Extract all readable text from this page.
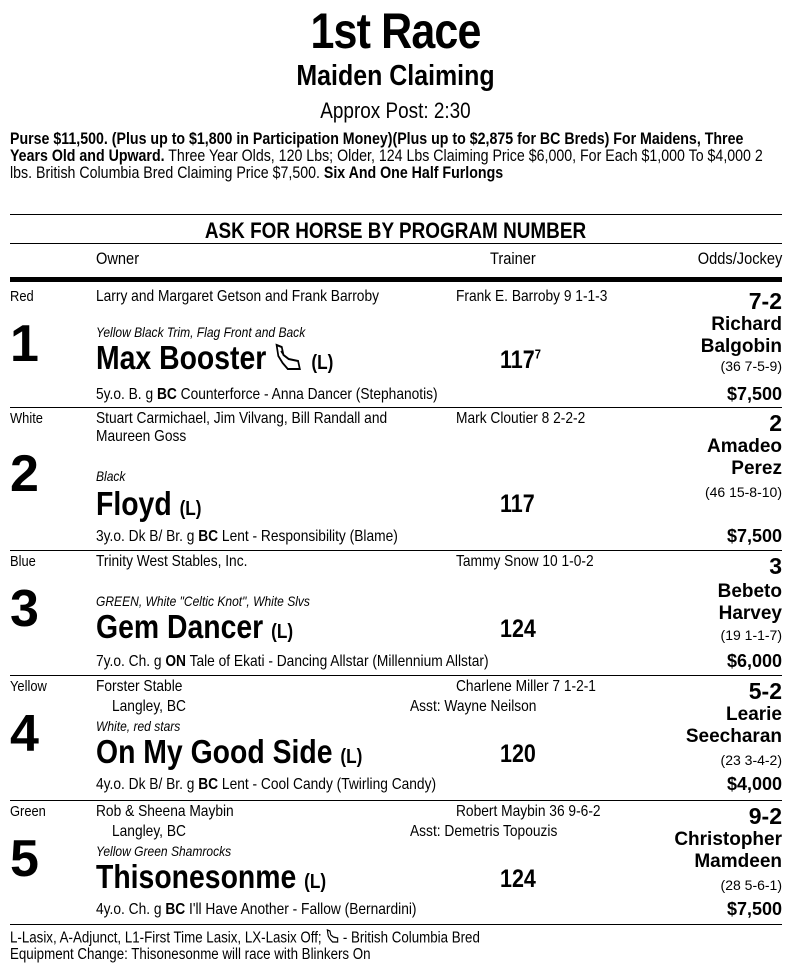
1st Race
Maiden Claiming
Approx Post: 2:30
Purse $11,500. (Plus up to $1,800 in Participation Money)(Plus up to $2,875 for BC Breds) For Maidens, Three Years Old and Upward. Three Year Olds, 120 Lbs; Older, 124 Lbs Claiming Price $6,000, For Each $1,000 To $4,000 2 lbs. British Columbia Bred Claiming Price $7,500. Six And One Half Furlongs
ASK FOR HORSE BY PROGRAM NUMBER
Owner	Trainer	Odds/Jockey
Red
1
Larry and Margaret Getson and Frank Barroby	Frank E. Barroby 9 1-1-3
Yellow Black Trim, Flag Front and Back
Max Booster (L)	$117^7$
5y.o. B. g BC Counterforce - Anna Dancer (Stephanotis)
7-2
Richard
Balgobin
(36 7-5-9)
$7,500
White
2
Stuart Carmichael, Jim Vilvang, Bill Randall and Maureen Goss
Mark Cloutier 8 2-2-2
Black
Floyd (L)	117
3y.o. Dk B/ Br. g BC Lent - Responsibility (Blame)
2
Amadeo
Perez
(46 15-8-10)
$7,500
Blue
3
Trinity West Stables, Inc.	Tammy Snow 10 1-0-2
GREEN, White "Celtic Knot", White Slvs
Gem Dancer (L)	124
7y.o. Ch. g ON Tale of Ekati - Dancing Allstar (Millennium Allstar)
3
Bebeto
Harvey
(19 1-1-7)
$6,000
Yellow
4
Forster Stable	Charlene Miller 7 1-2-1
Langley, BC	Asst: Wayne Neilson
White, red stars
On My Good Side (L)	120
4y.o. Dk B/ Br. g BC Lent - Cool Candy (Twirling Candy)
5-2
Learie
Seecharan
(23 3-4-2)
$4,000
Green
5
Rob & Sheena Maybin	Robert Maybin 36 9-6-2
Langley, BC	Asst: Demetris Topouzis
Yellow Green Shamrocks
Thisonesonme (L)	124
4y.o. Ch. g BC I'll Have Another - Fallow (Bernardini)
9-2
Christopher
Mamdeen
(28 5-6-1)
$7,500
L-Lasix, A-Adjunct, L1-First Time Lasix, LX-Lasix Off;  - British Columbia Bred
Equipment Change: Thisonesonme will race with Blinkers On
